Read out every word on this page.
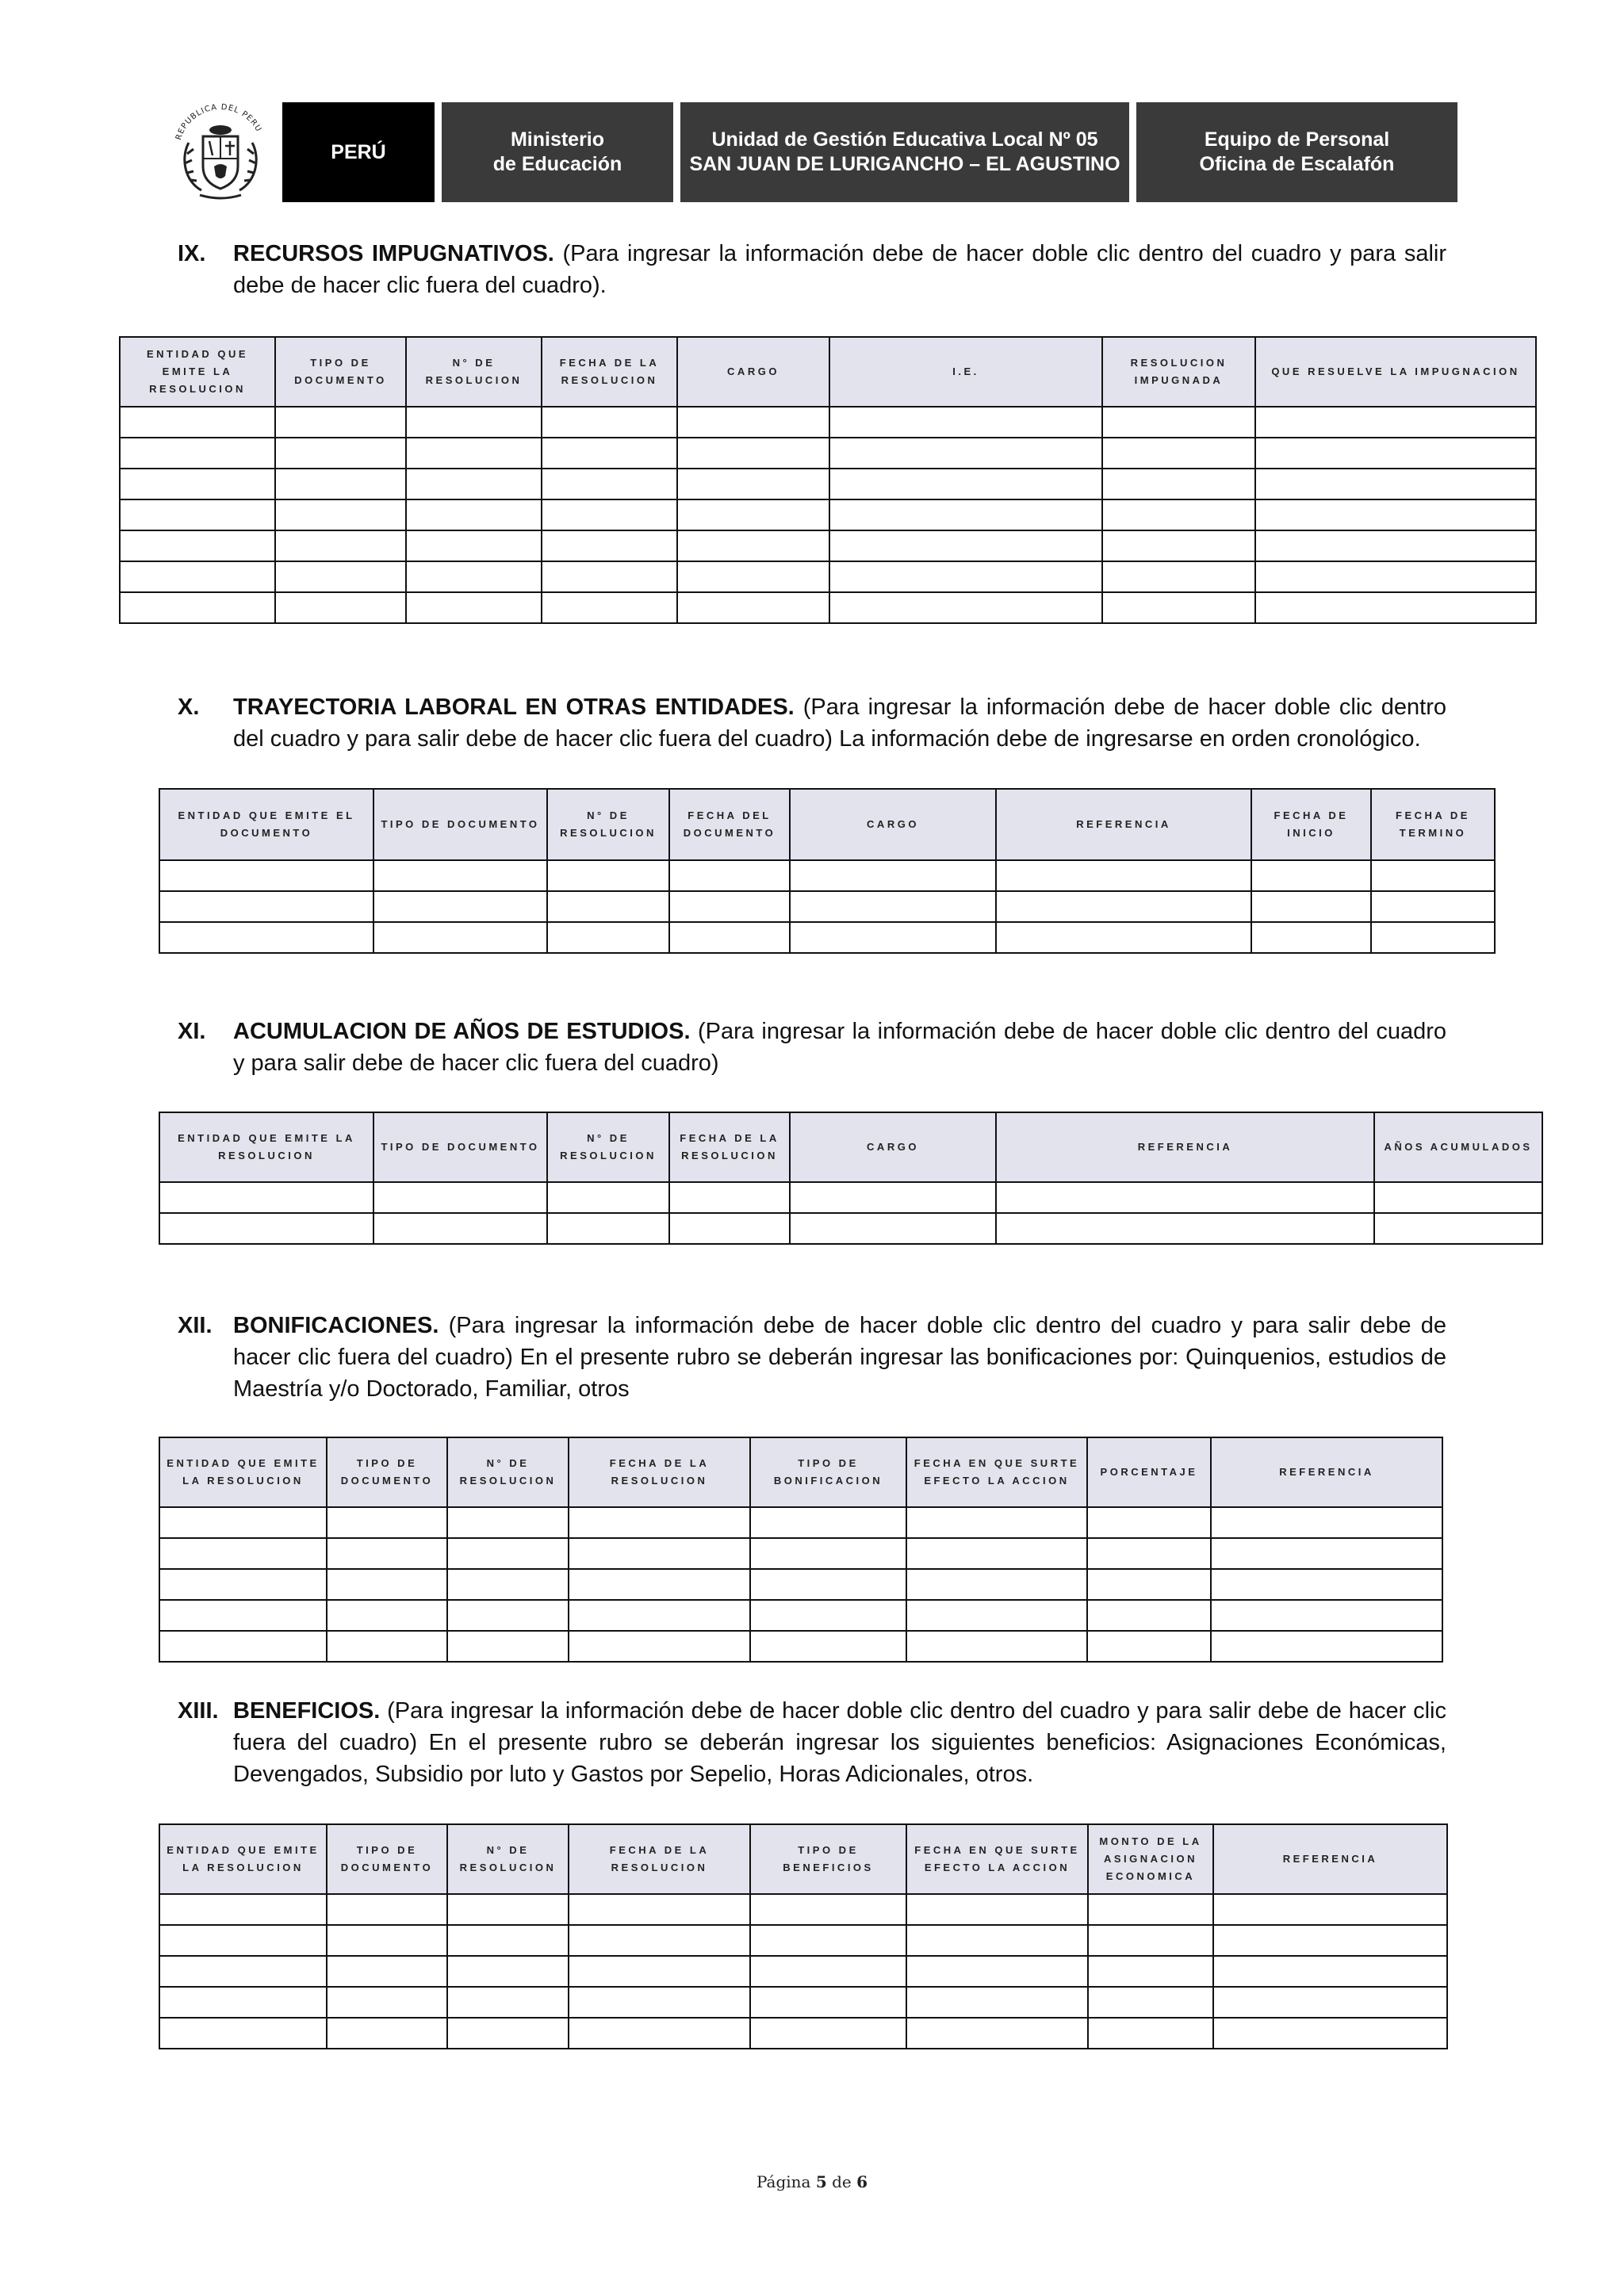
REPUBLICA DEL PERU
PERÚ
Ministerio
de Educación
Unidad de Gestión Educativa Local Nº 05
SAN JUAN DE LURIGANCHO – EL AGUSTINO
Equipo de Personal
Oficina de Escalafón
IX.	RECURSOS IMPUGNATIVOS. (Para ingresar la información debe de hacer doble clic dentro del cuadro y para salir debe de hacer clic fuera del cuadro).

ENTIDAD QUE EMITE LA RESOLUCION	TIPO DE DOCUMENTO	N° DE RESOLUCION	FECHA DE LA RESOLUCION	CARGO	I.E.	RESOLUCION IMPUGNADA	QUE RESUELVE LA IMPUGNACION

X.	TRAYECTORIA LABORAL EN OTRAS ENTIDADES. (Para ingresar la información debe de hacer doble clic dentro del cuadro y para salir debe de hacer clic fuera del cuadro) La información debe de ingresarse en orden cronológico.

ENTIDAD QUE EMITE EL DOCUMENTO	TIPO DE DOCUMENTO	N° DE RESOLUCION	FECHA DEL DOCUMENTO	CARGO	REFERENCIA	FECHA DE INICIO	FECHA DE TERMINO

XI.	ACUMULACION DE AÑOS DE ESTUDIOS. (Para ingresar la información debe de hacer doble clic dentro del cuadro y para salir debe de hacer clic fuera del cuadro)

ENTIDAD QUE EMITE LA RESOLUCION	TIPO DE DOCUMENTO	N° DE RESOLUCION	FECHA DE LA RESOLUCION	CARGO	REFERENCIA	AÑOS ACUMULADOS

XII. BONIFICACIONES. (Para ingresar la información debe de hacer doble clic dentro del cuadro y para salir debe de hacer clic fuera del cuadro) En el presente rubro se deberán ingresar las bonificaciones por: Quinquenios, estudios de Maestría y/o Doctorado, Familiar, otros

ENTIDAD QUE EMITE LA RESOLUCION	TIPO DE DOCUMENTO	N° DE RESOLUCION	FECHA DE LA RESOLUCION	TIPO DE BONIFICACION	FECHA EN QUE SURTE EFECTO LA ACCION	PORCENTAJE	REFERENCIA

XIII. BENEFICIOS. (Para ingresar la información debe de hacer doble clic dentro del cuadro y para salir debe de hacer clic fuera del cuadro) En el presente rubro se deberán ingresar los siguientes beneficios: Asignaciones Económicas, Devengados, Subsidio por luto y Gastos por Sepelio, Horas Adicionales, otros.

ENTIDAD QUE EMITE LA RESOLUCION	TIPO DE DOCUMENTO	N° DE RESOLUCION	FECHA DE LA RESOLUCION	TIPO DE BENEFICIOS	FECHA EN QUE SURTE EFECTO LA ACCION	MONTO DE LA ASIGNACION ECONOMICA	REFERENCIA

Página 5 de 6
